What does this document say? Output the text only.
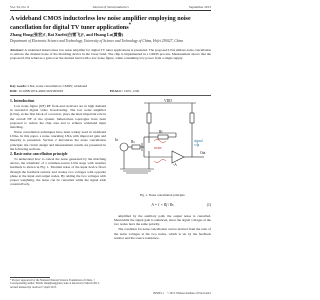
Vol. 34, No. 9	Journal of Semiconductors	September 2013
A wideband CMOS inductorless low noise amplifier employing noise cancellation for digital TV tuner applications*
Zhang Hong(张宏)†, Bai Xuefei(白雪飞)†, and Huang Lu(黄鲁)
Department of Electronic Science and Technology, University of Science and Technology of China, Hefei 230027, China
Abstract: A wideband inductorless low noise amplifier for digital TV tuner applications is presented. The proposed LNA utilizes noise cancellation to remove the channel noise of the matching device in the lower band. The chip is implemented in a CMOS process. Measurement shows that the proposed LNA achieves a gain over the desired band with a low noise figure, while consuming low power from a single supply.
Key words: LNA; noise cancellation; CMOS; wideband
DOI: 10.1088/1674-4926/34/9/095003	EEACC: 1205; 1220
1. Introduction

Low noise figure (NF) RF front-end receivers are in high demand in terrestrial digital video broadcasting. The low noise amplifier (LNA), as the first block of a receiver, plays the most important role in the overall NF of the system. Inductorless topologies have been proposed to reduce the chip area and to achieve wideband input matching.

Noise cancellation techniques have been widely used in wideband LNAs. In this paper, a noise canceling LNA with improved gain and linearity is presented. Section 2 introduces the noise cancellation principle; the circuit design and measurement results are presented in the following sections.

2. Basic noise cancellation principle

To understand how to cancel the noise generated by the matching device, the schematic of a common-source LNA stage with resistive feedback is shown in Fig. 1. Thermal noise of the input device flows through the feedback resistor and creates two voltages with opposite phase at the input and output nodes. By adding the two voltages with proper weighting, the noise can be cancelled while the signal adds constructively.

In
Out
VDD
Rs
Rf
-A
noise
signal
Fig. 1. Noise cancellation principle.
A = 1 + Rf / Rs	(1)

amplified by the auxiliary path, the output noise is cancelled. Meanwhile the signal gain is enhanced, since the signal voltages at the two nodes have the same polarity.

The condition for noise cancellation can be derived from the ratio of the noise voltages at the two nodes, which is set by the feedback resistor and the source resistance.

* Project supported by the National Natural Science Foundation of China. † Corresponding author. Email: zhanghong@ustc.edu.cn Received 2 March 2013, revised manuscript received 7 April 2013
095003-1 © 2013 Chinese Institute of Electronics
